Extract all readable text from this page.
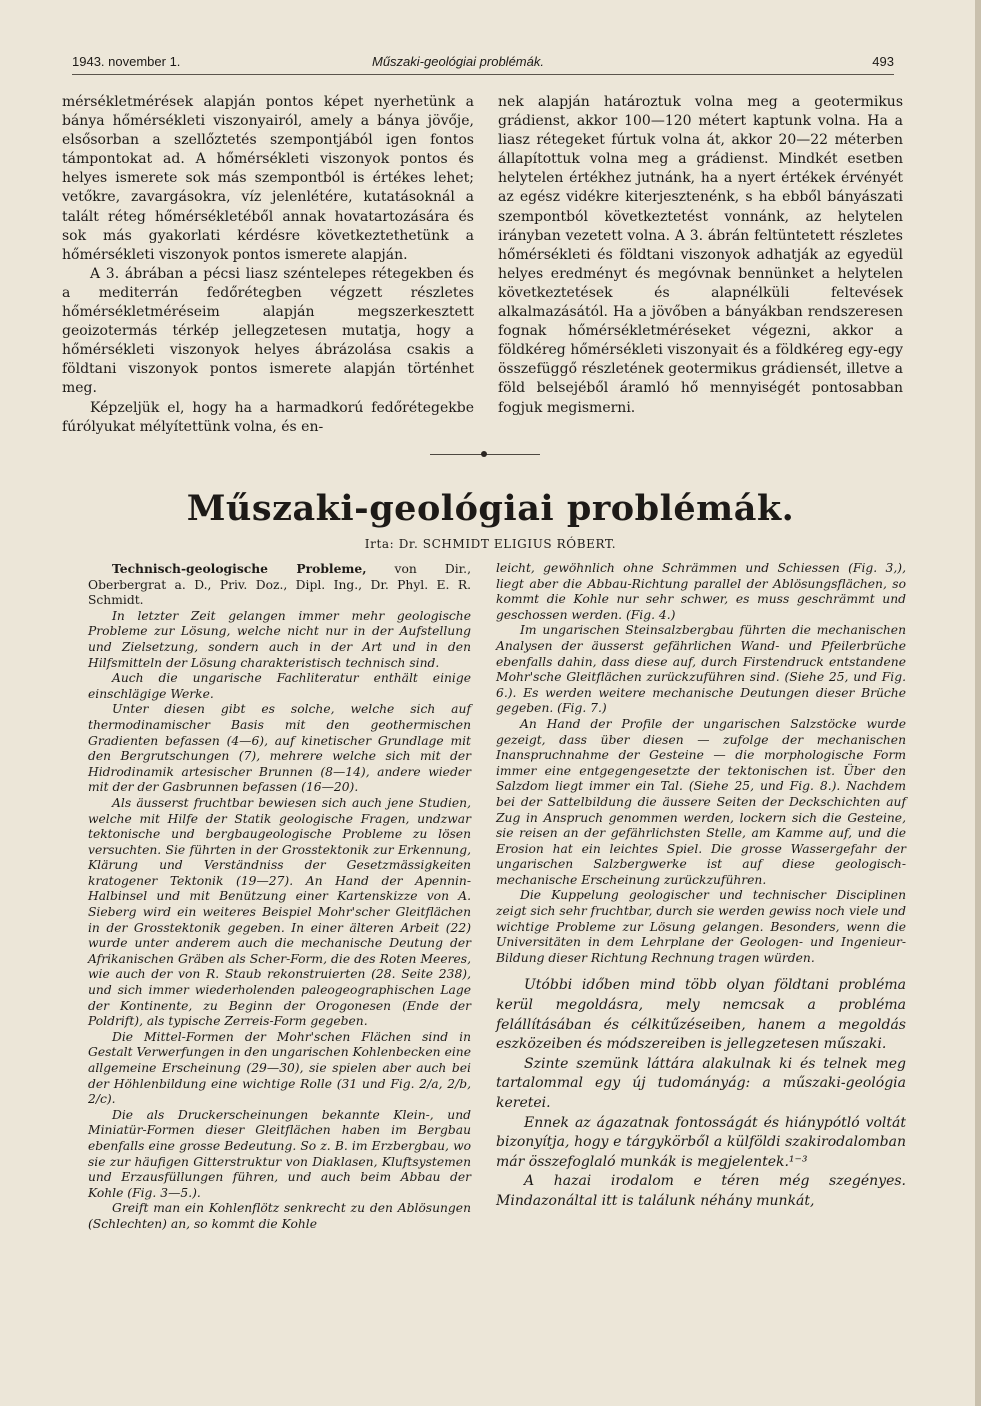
1943. november 1.	Műszaki-geológiai problémák.	493

mérsékletmérések alapján pontos képet nyerhetünk a bánya hőmérsékleti viszonyairól, amely a bánya jövője, elsősorban a szellőztetés szempontjából igen fontos támpontokat ad. A hőmérsékleti viszonyok pontos és helyes ismerete sok más szempontból is értékes lehet; vetőkre, zavargásokra, víz jelenlétére, kutatásoknál a talált réteg hőmérsékletéből annak hovatartozására és sok más gyakorlati kérdésre következtethetünk a hőmérsékleti viszonyok pontos ismerete alapján.

A 3. ábrában a pécsi liasz széntelepes rétegekben és a mediterrán fedőrétegben végzett részletes hőmérsékletméréseim alapján megszerkesztett geoizotermás térkép jellegzetesen mutatja, hogy a hőmérsékleti viszonyok helyes ábrázolása csakis a földtani viszonyok pontos ismerete alapján történhet meg.

Képzeljük el, hogy ha a harmadkorú fedőrétegekbe fúrólyukat mélyítettünk volna, és en-

nek alapján határoztuk volna meg a geotermikus grádienst, akkor 100—120 métert kaptunk volna. Ha a liasz rétegeket fúrtuk volna át, akkor 20—22 méterben állapítottuk volna meg a grádienst. Mindkét esetben helytelen értékhez jutnánk, ha a nyert értékek érvényét az egész vidékre kiterjesztenénk, s ha ebből bányászati szempontból következtetést vonnánk, az helytelen irányban vezetett volna. A 3. ábrán feltüntetett részletes hőmérsékleti és földtani viszonyok adhatják az egyedül helyes eredményt és megóvnak bennünket a helytelen következtetések és alapnélküli feltevések alkalmazásától. Ha a jövőben a bányákban rendszeresen fognak hőmérsékletméréseket végezni, akkor a földkéreg hőmérsékleti viszonyait és a földkéreg egy-egy összefüggő részletének geotermikus grádiensét, illetve a föld belsejéből áramló hő mennyiségét pontosabban fogjuk megismerni.

Műszaki-geológiai problémák.
Irta: Dr. SCHMIDT ELIGIUS RÓBERT.

Technisch-geologische Probleme, von Dir., Oberbergrat a. D., Priv. Doz., Dipl. Ing., Dr. Phyl. E. R. Schmidt.

In letzter Zeit gelangen immer mehr geologische Probleme zur Lösung, welche nicht nur in der Aufstellung und Zielsetzung, sondern auch in der Art und in den Hilfsmitteln der Lösung charakteristisch technisch sind.

Auch die ungarische Fachliteratur enthält einige einschlägige Werke.

Unter diesen gibt es solche, welche sich auf thermodinamischer Basis mit den geothermischen Gradienten befassen (4—6), auf kinetischer Grundlage mit den Bergrutschungen (7), mehrere welche sich mit der Hidrodinamik artesischer Brunnen (8—14), andere wieder mit der der Gasbrunnen befassen (16—20).

Als äusserst fruchtbar bewiesen sich auch jene Studien, welche mit Hilfe der Statik geologische Fragen, undzwar tektonische und bergbaugeologische Probleme zu lösen versuchten. Sie führten in der Grosstektonik zur Erkennung, Klärung und Verständniss der Gesetzmässigkeiten kratogener Tektonik (19—27). An Hand der Apennin-Halbinsel und mit Benützung einer Kartenskizze von A. Sieberg wird ein weiteres Beispiel Mohr'scher Gleitflächen in der Grosstektonik gegeben. In einer älteren Arbeit (22) wurde unter anderem auch die mechanische Deutung der Afrikanischen Gräben als Scher-Form, die des Roten Meeres, wie auch der von R. Staub rekonstruierten (28. Seite 238), und sich immer wiederholenden paleogeographischen Lage der Kontinente, zu Beginn der Orogonesen (Ende der Poldrift), als typische Zerreis-Form gegeben.

Die Mittel-Formen der Mohr'schen Flächen sind in Gestalt Verwerfungen in den ungarischen Kohlenbecken eine allgemeine Erscheinung (29—30), sie spielen aber auch bei der Höhlenbildung eine wichtige Rolle (31 und Fig. 2/a, 2/b, 2/c).

Die als Druckerscheinungen bekannte Klein-, und Miniatür-Formen dieser Gleitflächen haben im Bergbau ebenfalls eine grosse Bedeutung. So z. B. im Erzbergbau, wo sie zur häufigen Gitterstruktur von Diaklasen, Kluftsystemen und Erzausfüllungen führen, und auch beim Abbau der Kohle (Fig. 3—5.).

Greift man ein Kohlenflötz senkrecht zu den Ablösungen (Schlechten) an, so kommt die Kohle

leicht, gewöhnlich ohne Schrämmen und Schiessen (Fig. 3,), liegt aber die Abbau-Richtung parallel der Ablösungsflächen, so kommt die Kohle nur sehr schwer, es muss geschrämmt und geschossen werden. (Fig. 4.)

Im ungarischen Steinsalzbergbau führten die mechanischen Analysen der äusserst gefährlichen Wand- und Pfeilerbrüche ebenfalls dahin, dass diese auf, durch Firstendruck entstandene Mohr'sche Gleitflächen zurückzuführen sind. (Siehe 25, und Fig. 6.). Es werden weitere mechanische Deutungen dieser Brüche gegeben. (Fig. 7.)

An Hand der Profile der ungarischen Salzstöcke wurde gezeigt, dass über diesen — zufolge der mechanischen Inanspruchnahme der Gesteine — die morphologische Form immer eine entgegengesetzte der tektonischen ist. Über den Salzdom liegt immer ein Tal. (Siehe 25, und Fig. 8.). Nachdem bei der Sattelbildung die äussere Seiten der Deckschichten auf Zug in Anspruch genommen werden, lockern sich die Gesteine, sie reisen an der gefährlichsten Stelle, am Kamme auf, und die Erosion hat ein leichtes Spiel. Die grosse Wassergefahr der ungarischen Salzbergwerke ist auf diese geologisch-mechanische Erscheinung zurückzuführen.

Die Kuppelung geologischer und technischer Disciplinen zeigt sich sehr fruchtbar, durch sie werden gewiss noch viele und wichtige Probleme zur Lösung gelangen. Besonders, wenn die Universitäten in dem Lehrplane der Geologen- und Ingenieur-Bildung dieser Richtung Rechnung tragen würden.

Utóbbi időben mind több olyan földtani probléma kerül megoldásra, mely nemcsak a probléma felállításában és célkitűzéseiben, hanem a megoldás eszközeiben és módszereiben is jellegzetesen műszaki.

Szinte szemünk láttára alakulnak ki és telnek meg tartalommal egy új tudományág: a műszaki-geológia keretei.

Ennek az ágazatnak fontosságát és hiánypótló voltát bizonyítja, hogy e tárgykörből a külföldi szakirodalomban már összefoglaló munkák is megjelentek.¹⁻³

A hazai irodalom e téren még szegényes. Mindazonáltal itt is találunk néhány munkát,
